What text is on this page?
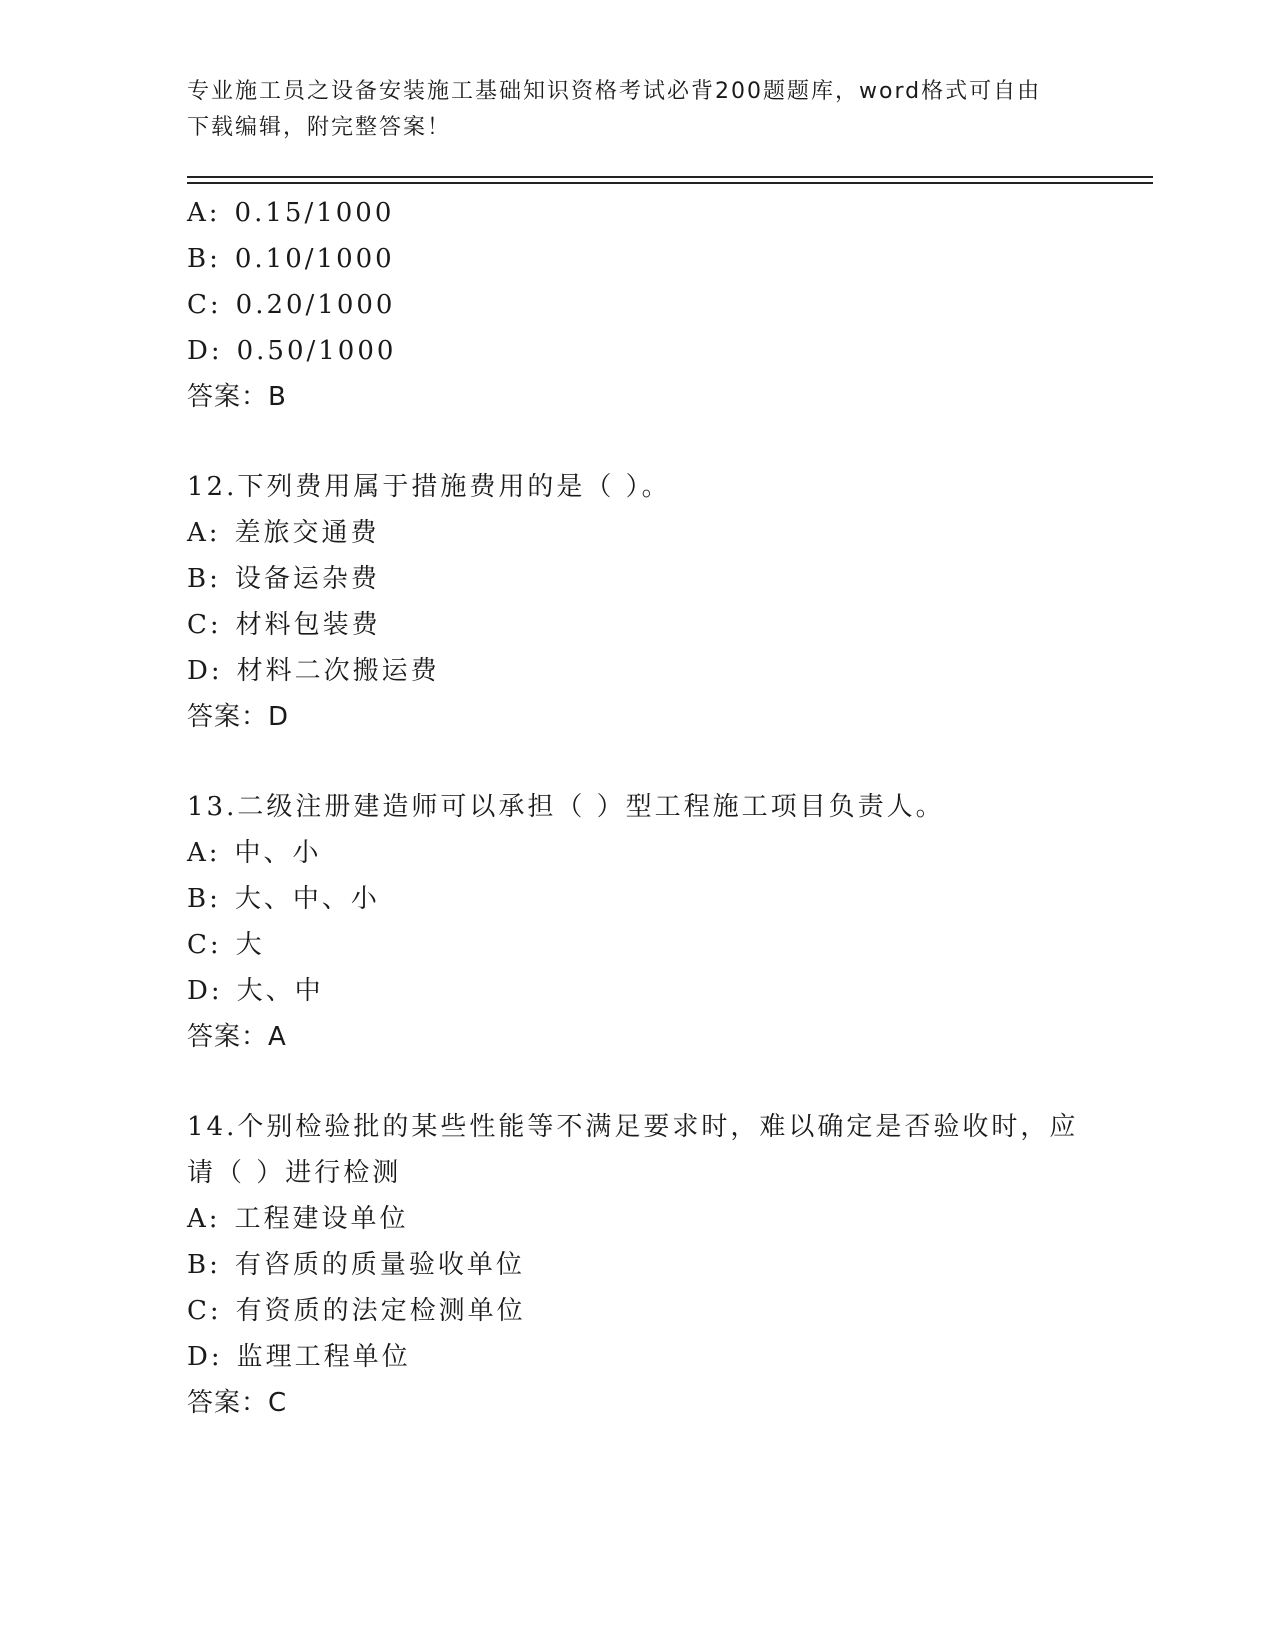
专业施工员之设备安装施工基础知识资格考试必背200题题库，word格式可自由
下载编辑，附完整答案！
A: 0.15/1000
B: 0.10/1000
C: 0.20/1000
D: 0.50/1000
答案：B
12.下列费用属于措施费用的是（ ）。
A: 差旅交通费
B: 设备运杂费
C: 材料包装费
D: 材料二次搬运费
答案：D
13.二级注册建造师可以承担（ ）型工程施工项目负责人。
A: 中、小
B: 大、中、小
C: 大
D: 大、中
答案：A
14.个别检验批的某些性能等不满足要求时，难以确定是否验收时，应
请（ ）进行检测
A: 工程建设单位
B: 有咨质的质量验收单位
C: 有资质的法定检测单位
D: 监理工程单位
答案：C
